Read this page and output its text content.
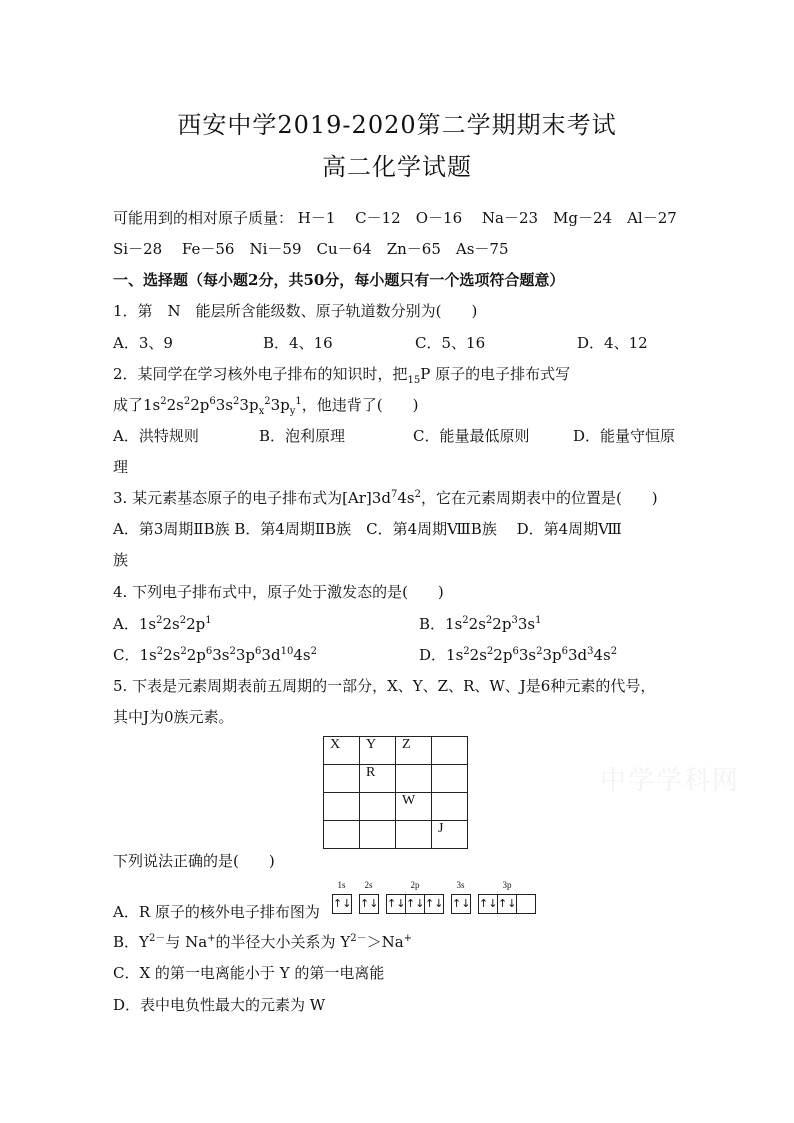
西安中学2019-2020第二学期期末考试
高二化学试题
可能用到的相对原子质量： H－1　 C－12　O－16　 Na－23　Mg－24　Al－27
Si－28　 Fe－56　Ni－59　Cu－64　Zn－65　As－75
一、选择题（每小题2分，共50分，每小题只有一个选项符合题意）
1．第　N　能层所含能级数、原子轨道数分别为(　　)
A．3、9	B．4、16	C．5、16	D．4、12
2．某同学在学习核外电子排布的知识时，把$_{15}$P 原子的电子排布式写
成了$1s^22s^22p^63s^23p_x^23p_y^1$，他违背了(　　)
A．洪特规则	B．泡利原理	C．能量最低原则	D．能量守恒原
理
3. 某元素基态原子的电子排布式为$[Ar]3d^74s^2$，它在元素周期表中的位置是(　　)
A．第3周期ⅡB族 B．第4周期ⅡB族　C．第4周期ⅧB族　 D．第4周期Ⅷ
族
4. 下列电子排布式中，原子处于激发态的是(　　)
A．$1s^22s^22p^1$	B．$1s^22s^22p^33s^1$
C．$1s^22s^22p^63s^23p^63d^{10}4s^2$	D．$1s^22s^22p^63s^23p^63d^34s^2$
5. 下表是元素周期表前五周期的一部分，X、Y、Z、R、W、J是6种元素的代号，
其中J为0族元素。
X	Y	Z	
	R		
		W	
			J
中学学科网
下列说法正确的是(　　)
A．R 原子的核外电子排布图为
1s
↑↓
2s
↑↓
2p
↑↓ ↑↓ ↑↓
3s
↑↓
3p
↑↓ ↑↓
B．$Y^{2-}$与 Na+的半径大小关系为 $Y^{2-}>Na^+$
C．X 的第一电离能小于 Y 的第一电离能
D．表中电负性最大的元素为 W
